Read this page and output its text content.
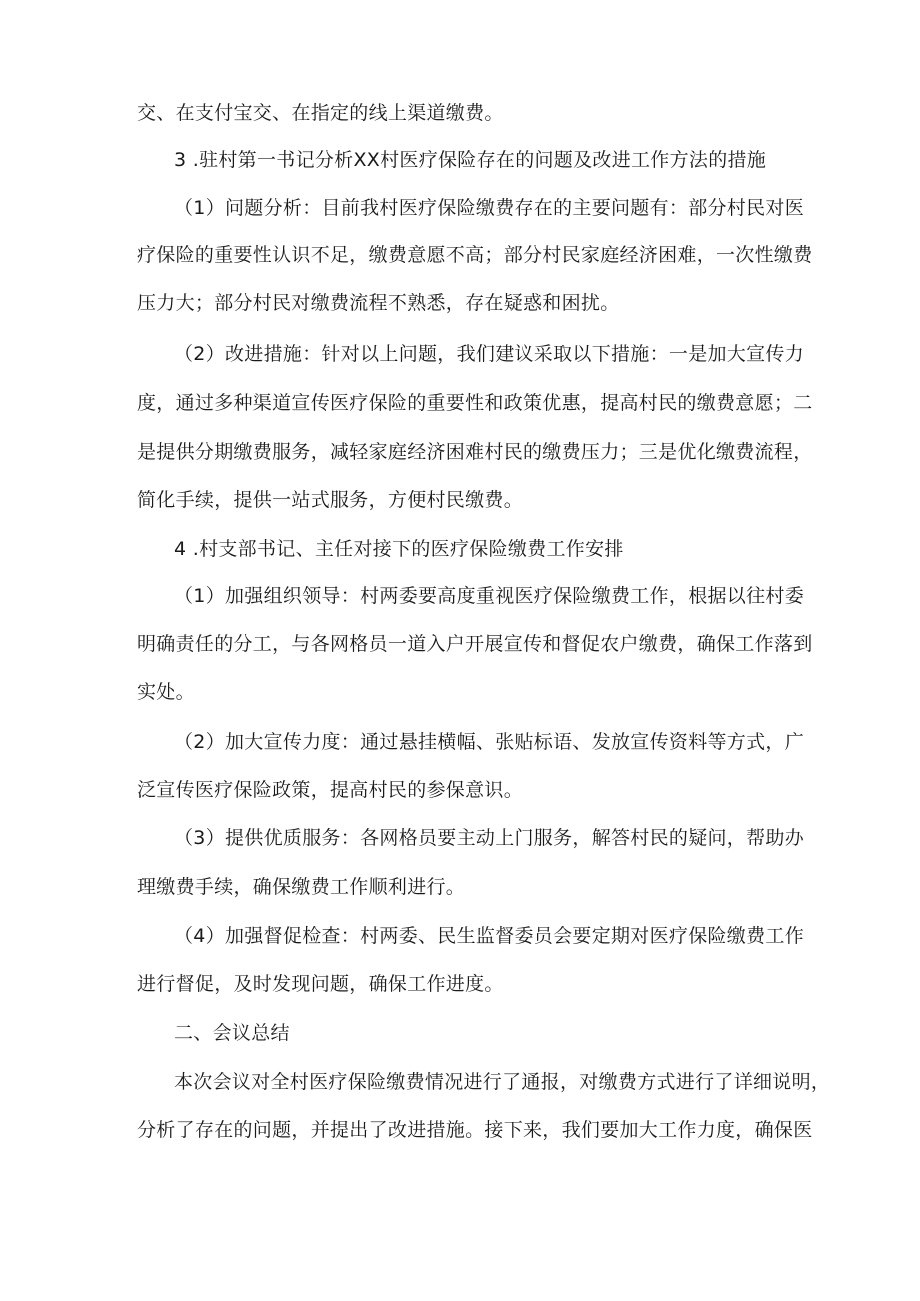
交、在支付宝交、在指定的线上渠道缴费。
3 .驻村第一书记分析XX村医疗保险存在的问题及改进工作方法的措施
（1）问题分析：目前我村医疗保险缴费存在的主要问题有：部分村民对医
疗保险的重要性认识不足，缴费意愿不高；部分村民家庭经济困难，一次性缴费
压力大；部分村民对缴费流程不熟悉，存在疑惑和困扰。
（2）改进措施：针对以上问题，我们建议采取以下措施：一是加大宣传力
度，通过多种渠道宣传医疗保险的重要性和政策优惠，提高村民的缴费意愿；二
是提供分期缴费服务，减轻家庭经济困难村民的缴费压力；三是优化缴费流程，
简化手续，提供一站式服务，方便村民缴费。
4 .村支部书记、主任对接下的医疗保险缴费工作安排
（1）加强组织领导：村两委要高度重视医疗保险缴费工作，根据以往村委
明确责任的分工，与各网格员一道入户开展宣传和督促农户缴费，确保工作落到
实处。
（2）加大宣传力度：通过悬挂横幅、张贴标语、发放宣传资料等方式，广
泛宣传医疗保险政策，提高村民的参保意识。
（3）提供优质服务：各网格员要主动上门服务，解答村民的疑问，帮助办
理缴费手续，确保缴费工作顺利进行。
（4）加强督促检查：村两委、民生监督委员会要定期对医疗保险缴费工作
进行督促，及时发现问题，确保工作进度。
二、会议总结
本次会议对全村医疗保险缴费情况进行了通报，对缴费方式进行了详细说明，
分析了存在的问题，并提出了改进措施。接下来，我们要加大工作力度，确保医
